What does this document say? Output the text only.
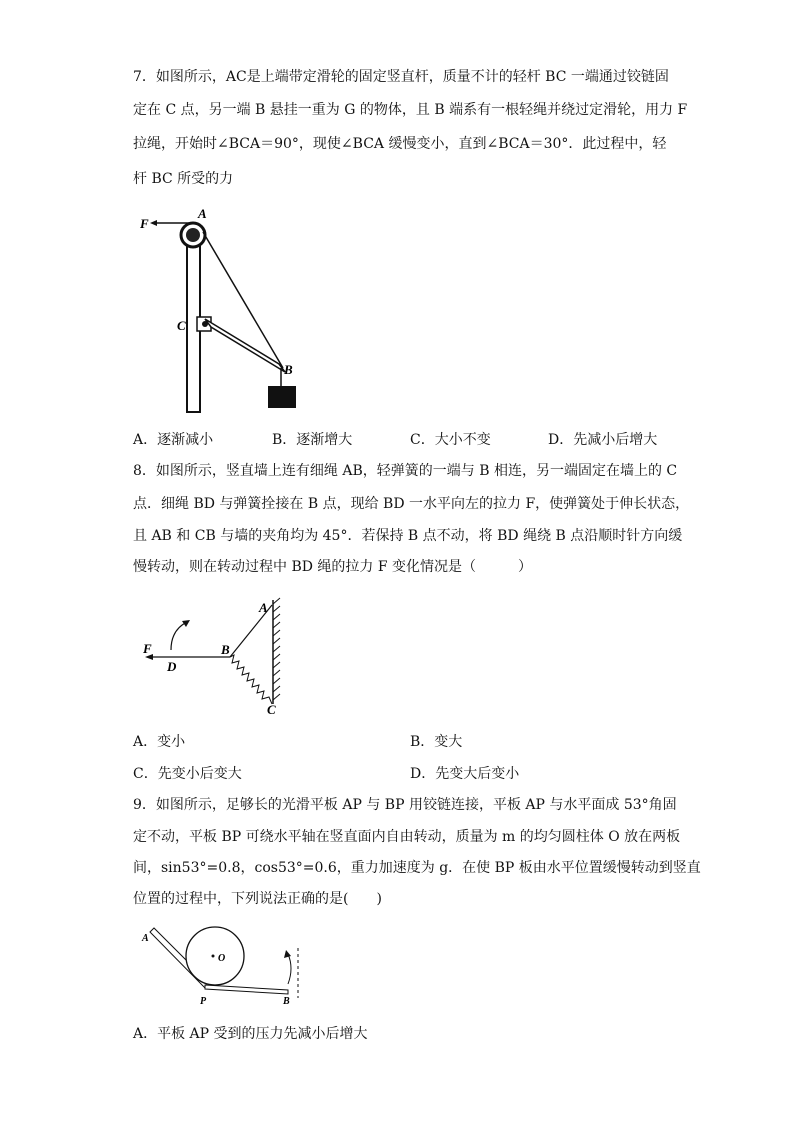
7．如图所示，AC是上端带定滑轮的固定竖直杆，质量不计的轻杆 BC 一端通过铰链固
定在 C 点，另一端 B 悬挂一重为 G 的物体，且 B 端系有一根轻绳并绕过定滑轮，用力 F
拉绳，开始时∠BCA＝90°，现使∠BCA 缓慢变小，直到∠BCA＝30°．此过程中，轻
杆 BC 所受的力
F
A
C
B
A．逐渐减小	B．逐渐增大	C．大小不变	D．先减小后增大
8．如图所示，竖直墙上连有细绳 AB，轻弹簧的一端与 B 相连，另一端固定在墙上的 C
点．细绳 BD 与弹簧拴接在 B 点，现给 BD 一水平向左的拉力 F，使弹簧处于伸长状态，
且 AB 和 CB 与墙的夹角均为 45°．若保持 B 点不动，将 BD 绳绕 B 点沿顺时针方向缓
慢转动，则在转动过程中 BD 绳的拉力 F 变化情况是（　　　）
A
F
D
B
C
A．变小	B．变大
C．先变小后变大	D．先变大后变小
9．如图所示，足够长的光滑平板 AP 与 BP 用铰链连接，平板 AP 与水平面成 53°角固
定不动，平板 BP 可绕水平轴在竖直面内自由转动，质量为 m 的均匀圆柱体 O 放在两板
间，sin53°=0.8，cos53°=0.6，重力加速度为 g．在使 BP 板由水平位置缓慢转动到竖直
位置的过程中，下列说法正确的是(　　)
A
O
P	B
A．平板 AP 受到的压力先减小后增大
